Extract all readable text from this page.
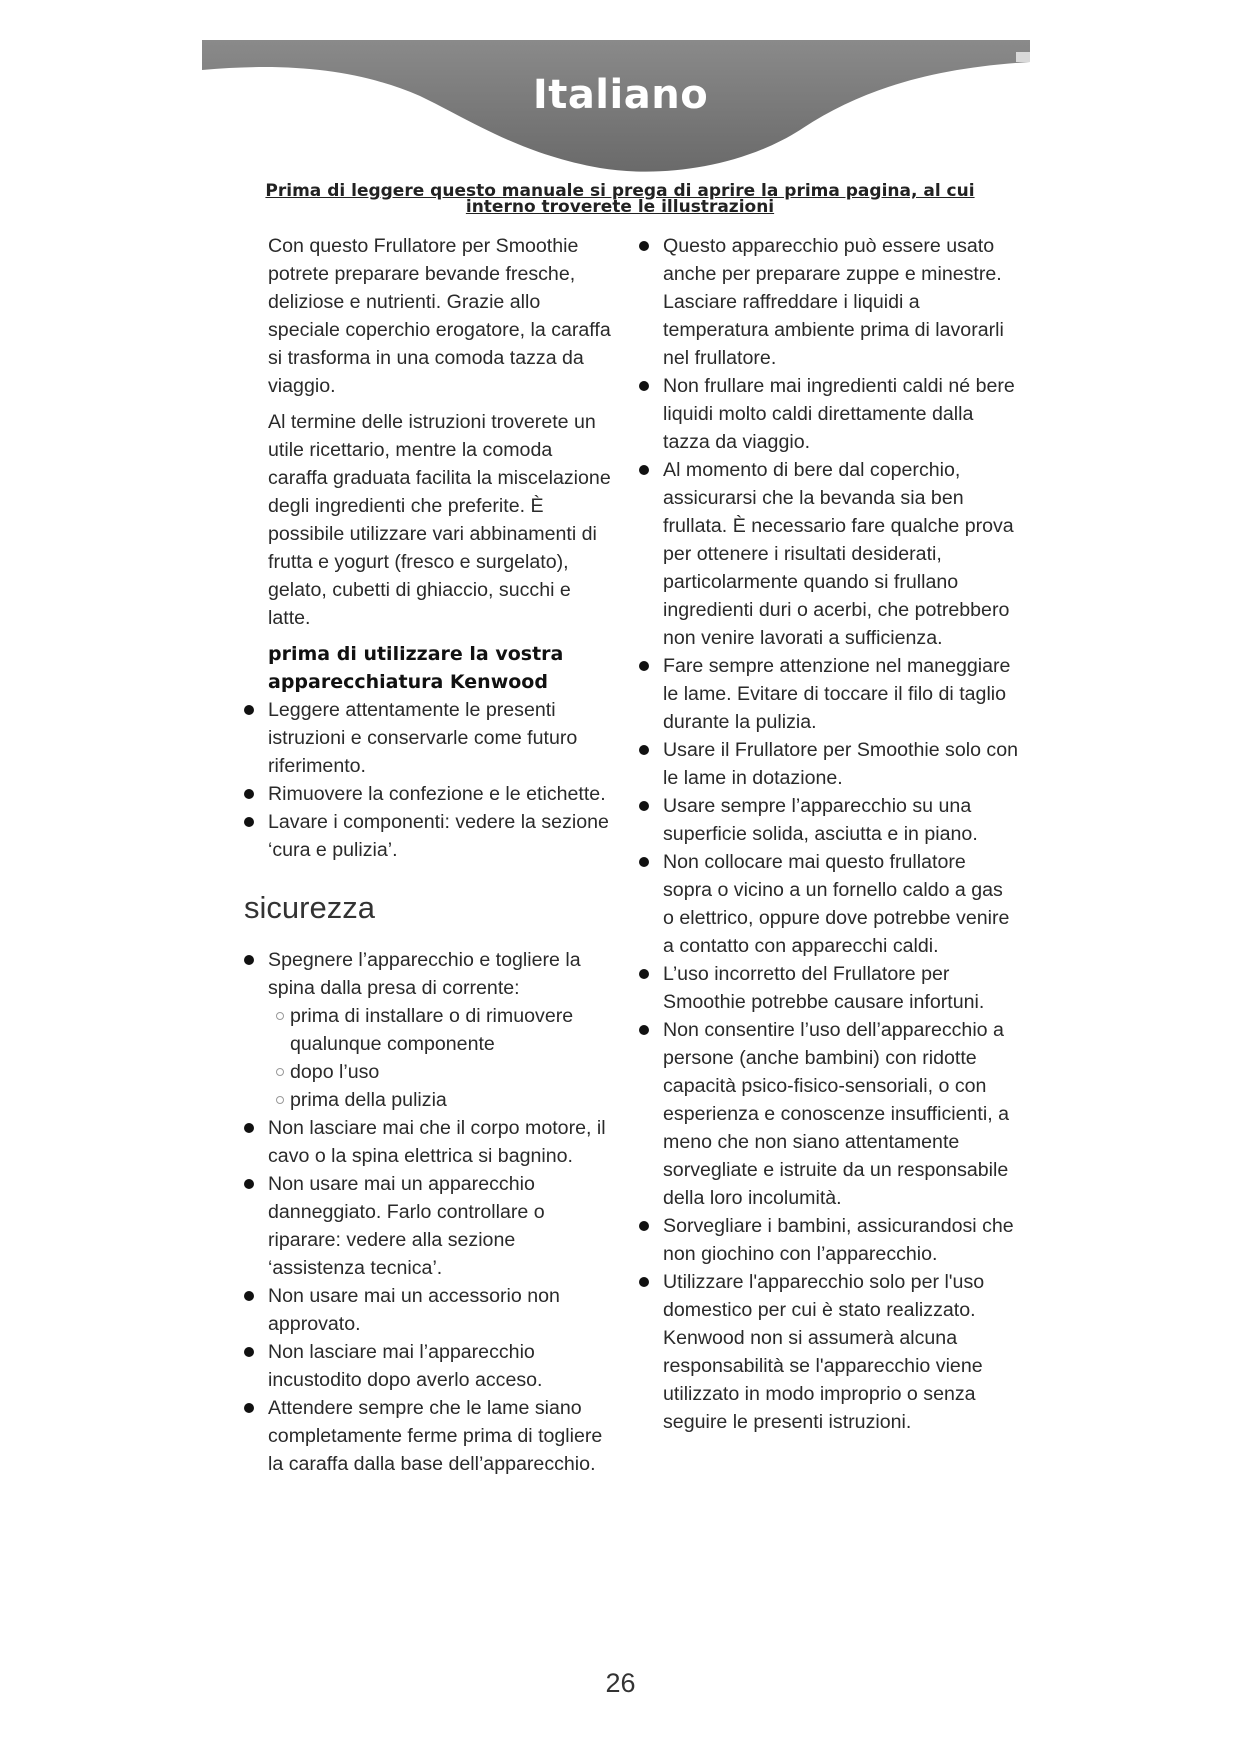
Italiano
Prima di leggere questo manuale si prega di aprire la prima pagina, al cui interno troverete le illustrazioni

Con questo Frullatore per Smoothie potrete preparare bevande fresche, deliziose e nutrienti. Grazie allo speciale coperchio erogatore, la caraffa si trasforma in una comoda tazza da viaggio.

Al termine delle istruzioni troverete un utile ricettario, mentre la comoda caraffa graduata facilita la miscelazione degli ingredienti che preferite. È possibile utilizzare vari abbinamenti di frutta e yogurt (fresco e surgelato), gelato, cubetti di ghiaccio, succhi e latte.

prima di utilizzare la vostra apparecchiatura Kenwood
Leggere attentamente le presenti istruzioni e conservarle come futuro riferimento.
Rimuovere la confezione e le etichette.
Lavare i componenti: vedere la sezione ‘cura e pulizia’.
sicurezza
Spegnere l’apparecchio e togliere la spina dalla presa di corrente:
prima di installare o di rimuovere qualunque componente
dopo l’uso
prima della pulizia
Non lasciare mai che il corpo motore, il cavo o la spina elettrica si bagnino.
Non usare mai un apparecchio danneggiato. Farlo controllare o riparare: vedere alla sezione ‘assistenza tecnica’.
Non usare mai un accessorio non approvato.
Non lasciare mai l’apparecchio incustodito dopo averlo acceso.
Attendere sempre che le lame siano completamente ferme prima di togliere la caraffa dalla base dell’apparecchio.
Questo apparecchio può essere usato anche per preparare zuppe e minestre. Lasciare raffreddare i liquidi a temperatura ambiente prima di lavorarli nel frullatore.
Non frullare mai ingredienti caldi né bere liquidi molto caldi direttamente dalla tazza da viaggio.
Al momento di bere dal coperchio, assicurarsi che la bevanda sia ben frullata. È necessario fare qualche prova per ottenere i risultati desiderati, particolarmente quando si frullano ingredienti duri o acerbi, che potrebbero non venire lavorati a sufficienza.
Fare sempre attenzione nel maneggiare le lame. Evitare di toccare il filo di taglio durante la pulizia.
Usare il Frullatore per Smoothie solo con le lame in dotazione.
Usare sempre l’apparecchio su una superficie solida, asciutta e in piano.
Non collocare mai questo frullatore sopra o vicino a un fornello caldo a gas o elettrico, oppure dove potrebbe venire a contatto con apparecchi caldi.
L’uso incorretto del Frullatore per Smoothie potrebbe causare infortuni.
Non consentire l’uso dell’apparecchio a persone (anche bambini) con ridotte capacità psico-fisico-sensoriali, o con esperienza e conoscenze insufficienti, a meno che non siano attentamente sorvegliate e istruite da un responsabile della loro incolumità.
Sorvegliare i bambini, assicurandosi che non giochino con l’apparecchio.
Utilizzare l'apparecchio solo per l'uso domestico per cui è stato realizzato. Kenwood non si assumerà alcuna responsabilità se l'apparecchio viene utilizzato in modo improprio o senza seguire le presenti istruzioni.
26
